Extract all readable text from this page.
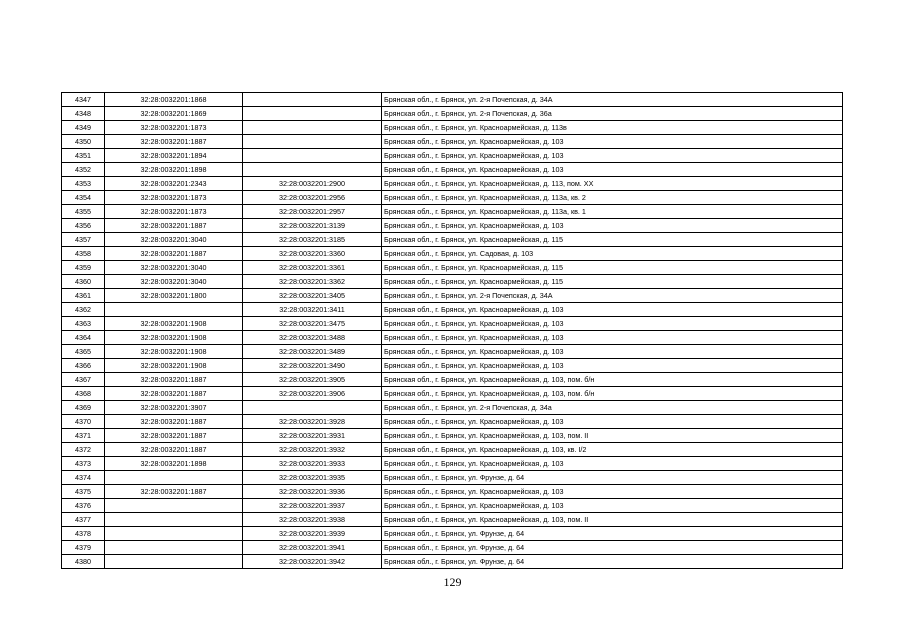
4347	32:28:0032201:1868		Брянская обл., г. Брянск, ул. 2-я Почепская, д. 34А
4348	32:28:0032201:1869		Брянская обл., г. Брянск, ул. 2-я Почепская, д. 36а
4349	32:28:0032201:1873		Брянская обл., г. Брянск, ул. Красноармейская, д. 113в
4350	32:28:0032201:1887		Брянская обл., г. Брянск, ул. Красноармейская, д. 103
4351	32:28:0032201:1894		Брянская обл., г. Брянск, ул. Красноармейская, д. 103
4352	32:28:0032201:1898		Брянская обл., г. Брянск, ул. Красноармейская, д. 103
4353	32:28:0032201:2343	32:28:0032201:2900	Брянская обл., г. Брянск, ул. Красноармейская, д. 113, пом. XX
4354	32:28:0032201:1873	32:28:0032201:2956	Брянская обл., г. Брянск, ул. Красноармейская, д. 113а, кв. 2
4355	32:28:0032201:1873	32:28:0032201:2957	Брянская обл., г. Брянск, ул. Красноармейская, д. 113а, кв. 1
4356	32:28:0032201:1887	32:28:0032201:3139	Брянская обл., г. Брянск, ул. Красноармейская, д. 103
4357	32:28:0032201:3040	32:28:0032201:3185	Брянская обл., г. Брянск, ул. Красноармейская, д. 115
4358	32:28:0032201:1887	32:28:0032201:3360	Брянская обл., г. Брянск, ул. Садовая, д. 103
4359	32:28:0032201:3040	32:28:0032201:3361	Брянская обл., г. Брянск, ул. Красноармейская, д. 115
4360	32:28:0032201:3040	32:28:0032201:3362	Брянская обл., г. Брянск, ул. Красноармейская, д. 115
4361	32:28:0032201:1800	32:28:0032201:3405	Брянская обл., г. Брянск, ул. 2-я Почепская, д. 34А
4362		32:28:0032201:3411	Брянская обл., г. Брянск, ул. Красноармейская, д. 103
4363	32:28:0032201:1908	32:28:0032201:3475	Брянская обл., г. Брянск, ул. Красноармейская, д. 103
4364	32:28:0032201:1908	32:28:0032201:3488	Брянская обл., г. Брянск, ул. Красноармейская, д. 103
4365	32:28:0032201:1908	32:28:0032201:3489	Брянская обл., г. Брянск, ул. Красноармейская, д. 103
4366	32:28:0032201:1908	32:28:0032201:3490	Брянская обл., г. Брянск, ул. Красноармейская, д. 103
4367	32:28:0032201:1887	32:28:0032201:3905	Брянская обл., г. Брянск, ул. Красноармейская, д. 103, пом. б/н
4368	32:28:0032201:1887	32:28:0032201:3906	Брянская обл., г. Брянск, ул. Красноармейская, д. 103, пом. б/н
4369	32:28:0032201:3907		Брянская обл., г. Брянск, ул. 2-я Почепская, д. 34а
4370	32:28:0032201:1887	32:28:0032201:3928	Брянская обл., г. Брянск, ул. Красноармейская, д. 103
4371	32:28:0032201:1887	32:28:0032201:3931	Брянская обл., г. Брянск, ул. Красноармейская, д. 103, пом. II
4372	32:28:0032201:1887	32:28:0032201:3932	Брянская обл., г. Брянск, ул. Красноармейская, д. 103, кв. I/2
4373	32:28:0032201:1898	32:28:0032201:3933	Брянская обл., г. Брянск, ул. Красноармейская, д. 103
4374		32:28:0032201:3935	Брянская обл., г. Брянск, ул. Фрунзе, д. 64
4375	32:28:0032201:1887	32:28:0032201:3936	Брянская обл., г. Брянск, ул. Красноармейская, д. 103
4376		32:28:0032201:3937	Брянская обл., г. Брянск, ул. Красноармейская, д. 103
4377		32:28:0032201:3938	Брянская обл., г. Брянск, ул. Красноармейская, д. 103, пом. II
4378		32:28:0032201:3939	Брянская обл., г. Брянск, ул. Фрунзе, д. 64
4379		32:28:0032201:3941	Брянская обл., г. Брянск, ул. Фрунзе, д. 64
4380		32:28:0032201:3942	Брянская обл., г. Брянск, ул. Фрунзе, д. 64
129
